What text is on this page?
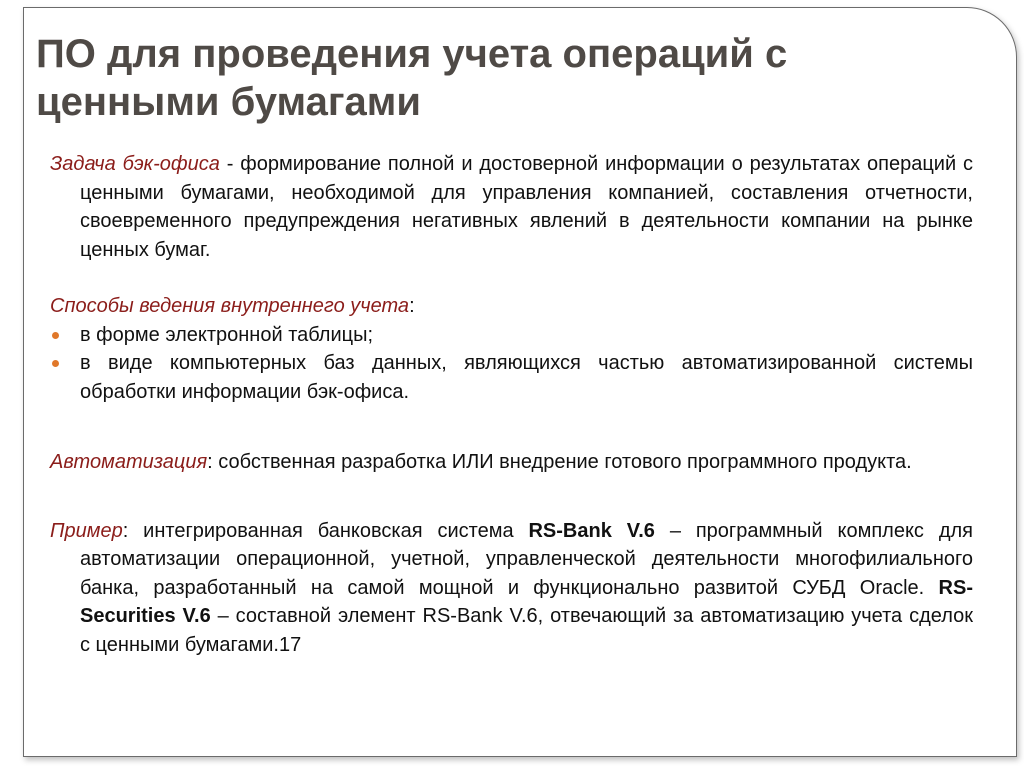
ПО для проведения учета операций с ценными бумагами
Задача бэк-офиса - формирование полной и достоверной информации о результатах операций с ценными бумагами, необходимой для управления компанией, составления отчетности, своевременного предупреждения негативных явлений в деятельности компании на рынке ценных бумаг.
Способы ведения внутреннего учета:
в форме электронной таблицы;
в виде компьютерных баз данных, являющихся частью автоматизированной системы обработки информации бэк-офиса.
Автоматизация: собственная разработка ИЛИ внедрение готового программного продукта.
Пример: интегрированная банковская система RS-Bank V.6 – программный комплекс для автоматизации операционной, учетной, управленческой деятельности многофилиального банка, разработанный на самой мощной и функционально развитой СУБД Oracle. RS-Securities V.6 – составной элемент RS-Bank V.6, отвечающий за автоматизацию учета сделок с ценными бумагами.17
